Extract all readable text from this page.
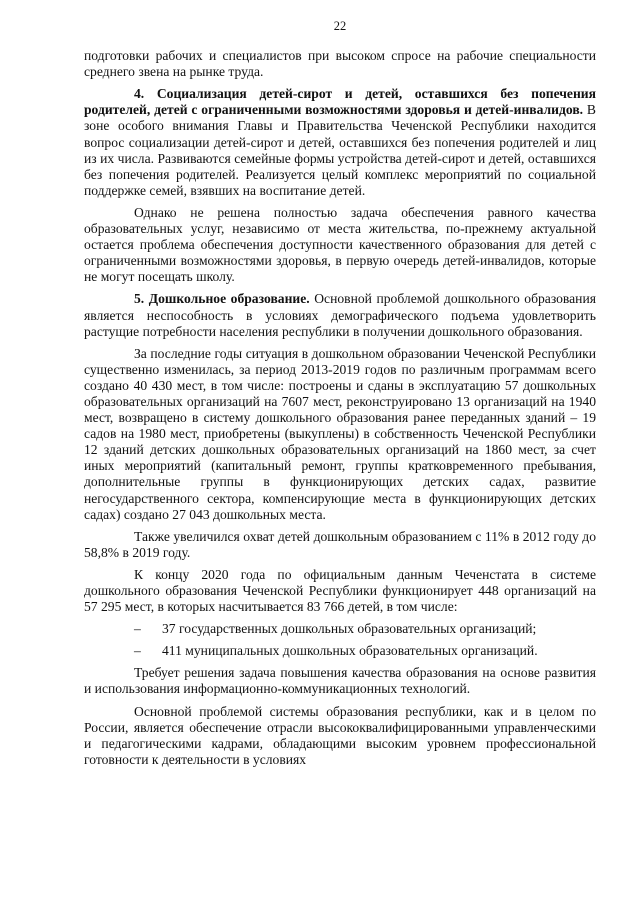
22

подготовки рабочих и специалистов при высоком спросе на рабочие специальности среднего звена на рынке труда.

4. Социализация детей-сирот и детей, оставшихся без попечения родителей, детей с ограниченными возможностями здоровья и детей-инвалидов. В зоне особого внимания Главы и Правительства Чеченской Республики находится вопрос социализации детей-сирот и детей, оставшихся без попечения родителей и лиц из их числа. Развиваются семейные формы устройства детей-сирот и детей, оставшихся без попечения родителей. Реализуется целый комплекс мероприятий по социальной поддержке семей, взявших на воспитание детей.

Однако не решена полностью задача обеспечения равного качества образовательных услуг, независимо от места жительства, по-прежнему актуальной остается проблема обеспечения доступности качественного образования для детей с ограниченными возможностями здоровья, в первую очередь детей-инвалидов, которые не могут посещать школу.

5. Дошкольное образование. Основной проблемой дошкольного образования является неспособность в условиях демографического подъема удовлетворить растущие потребности населения республики в получении дошкольного образования.

За последние годы ситуация в дошкольном образовании Чеченской Республики существенно изменилась, за период 2013-2019 годов по различным программам всего создано 40 430 мест, в том числе: построены и сданы в эксплуатацию 57 дошкольных образовательных организаций на 7607 мест, реконструировано 13 организаций на 1940 мест, возвращено в систему дошкольного образования ранее переданных зданий – 19 садов на 1980 мест, приобретены (выкуплены) в собственность Чеченской Республики 12 зданий детских дошкольных образовательных организаций на 1860 мест, за счет иных мероприятий (капитальный ремонт, группы кратковременного пребывания, дополнительные группы в функционирующих детских садах, развитие негосударственного сектора, компенсирующие места в функционирующих детских садах) создано 27 043 дошкольных места.

Также увеличился охват детей дошкольным образованием с 11% в 2012 году до 58,8% в 2019 году.

К концу 2020 года по официальным данным Чеченстата в системе дошкольного образования Чеченской Республики функционирует 448 организаций на 57 295 мест, в которых насчитывается 83 766 детей, в том числе:

–	37 государственных дошкольных образовательных организаций;
–	411 муниципальных дошкольных образовательных организаций.

Требует решения задача повышения качества образования на основе развития и использования информационно-коммуникационных технологий.

Основной проблемой системы образования республики, как и в целом по России, является обеспечение отрасли высококвалифицированными управленческими и педагогическими кадрами, обладающими высоким уровнем профессиональной готовности к деятельности в условиях
